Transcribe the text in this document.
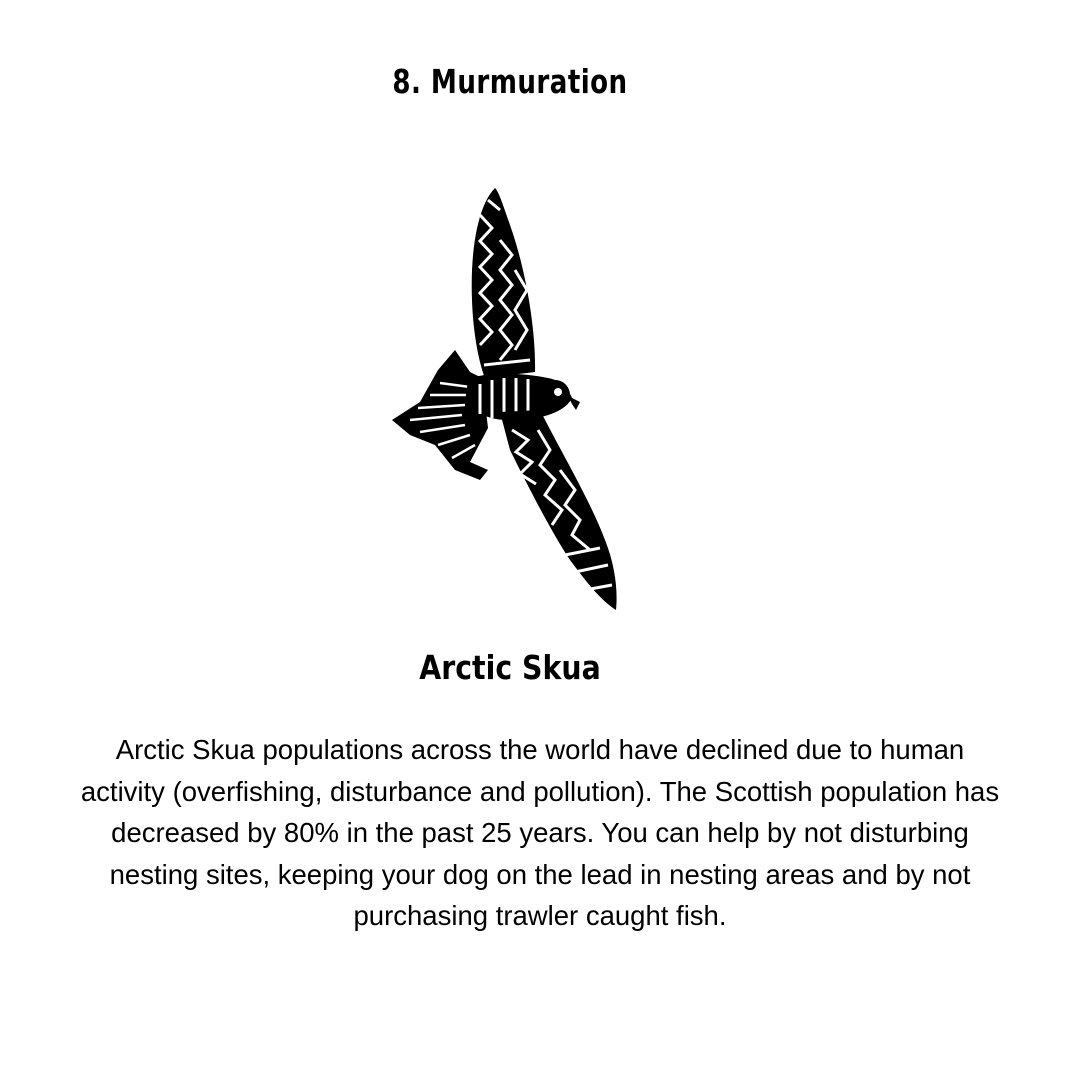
8. Murmuration
Arctic Skua
Arctic Skua populations across the world have declined due to human activity (overfishing, disturbance and pollution). The Scottish population has decreased by 80% in the past 25 years. You can help by not disturbing nesting sites, keeping your dog on the lead in nesting areas and by not purchasing trawler caught fish.
